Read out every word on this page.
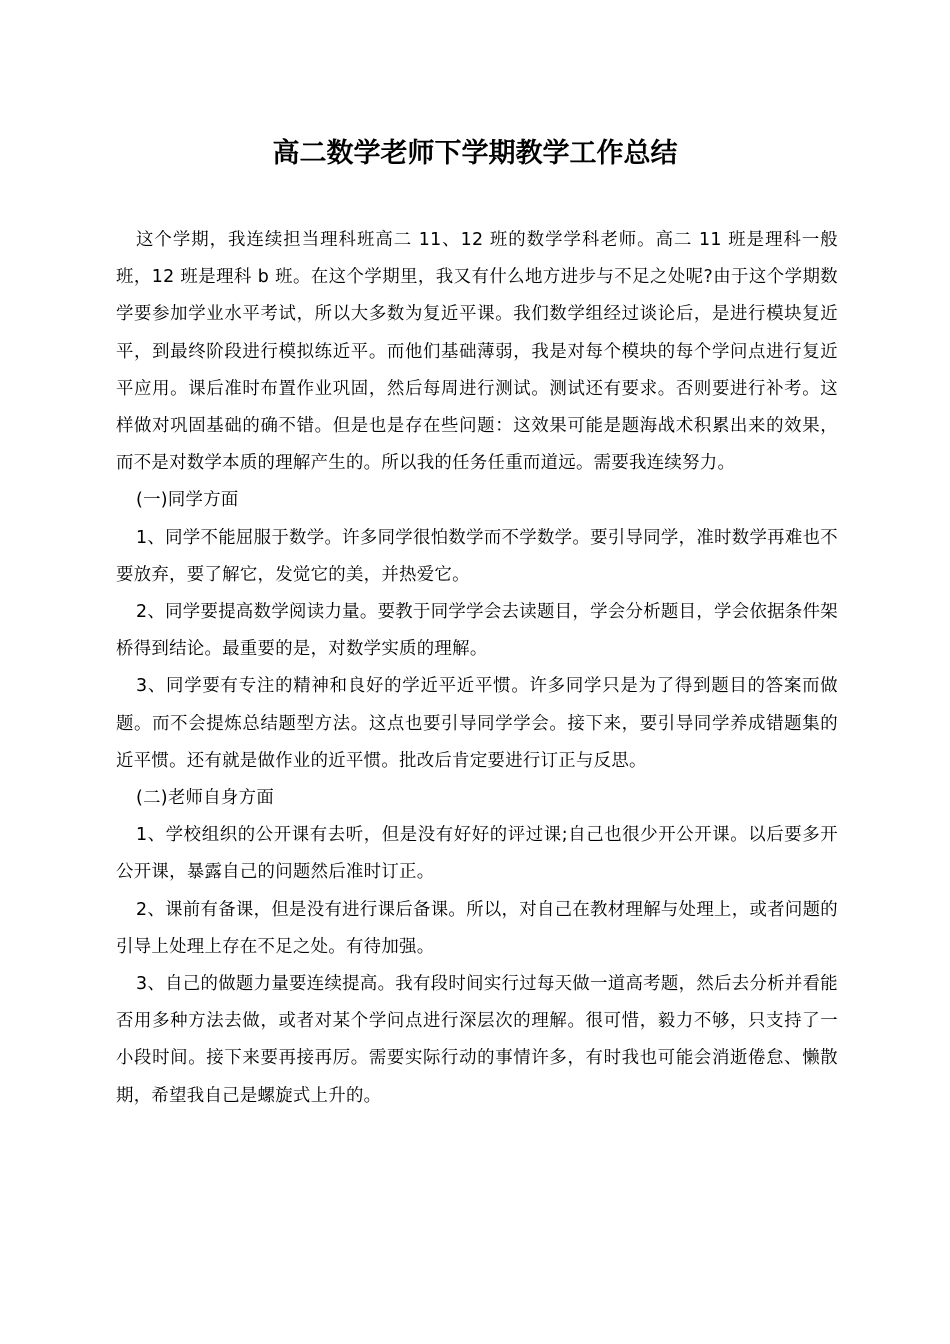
高二数学老师下学期教学工作总结

这个学期，我连续担当理科班高二 11、12 班的数学学科老师。高二 11 班是理科一般班，12 班是理科 b 班。在这个学期里，我又有什么地方进步与不足之处呢?由于这个学期数学要参加学业水平考试，所以大多数为复近平课。我们数学组经过谈论后，是进行模块复近平，到最终阶段进行模拟练近平。而他们基础薄弱，我是对每个模块的每个学问点进行复近平应用。课后准时布置作业巩固，然后每周进行测试。测试还有要求。否则要进行补考。这样做对巩固基础的确不错。但是也是存在些问题：这效果可能是题海战术积累出来的效果，而不是对数学本质的理解产生的。所以我的任务任重而道远。需要我连续努力。

(一)同学方面

1、同学不能屈服于数学。许多同学很怕数学而不学数学。要引导同学，准时数学再难也不要放弃，要了解它，发觉它的美，并热爱它。

2、同学要提高数学阅读力量。要教于同学学会去读题目，学会分析题目，学会依据条件架桥得到结论。最重要的是，对数学实质的理解。

3、同学要有专注的精神和良好的学近平近平惯。许多同学只是为了得到题目的答案而做题。而不会提炼总结题型方法。这点也要引导同学学会。接下来，要引导同学养成错题集的近平惯。还有就是做作业的近平惯。批改后肯定要进行订正与反思。

(二)老师自身方面

1、学校组织的公开课有去听，但是没有好好的评过课;自己也很少开公开课。以后要多开公开课，暴露自己的问题然后准时订正。

2、课前有备课，但是没有进行课后备课。所以，对自己在教材理解与处理上，或者问题的引导上处理上存在不足之处。有待加强。

3、自己的做题力量要连续提高。我有段时间实行过每天做一道高考题，然后去分析并看能否用多种方法去做，或者对某个学问点进行深层次的理解。很可惜，毅力不够，只支持了一小段时间。接下来要再接再厉。需要实际行动的事情许多，有时我也可能会消逝倦怠、懒散期，希望我自己是螺旋式上升的。
